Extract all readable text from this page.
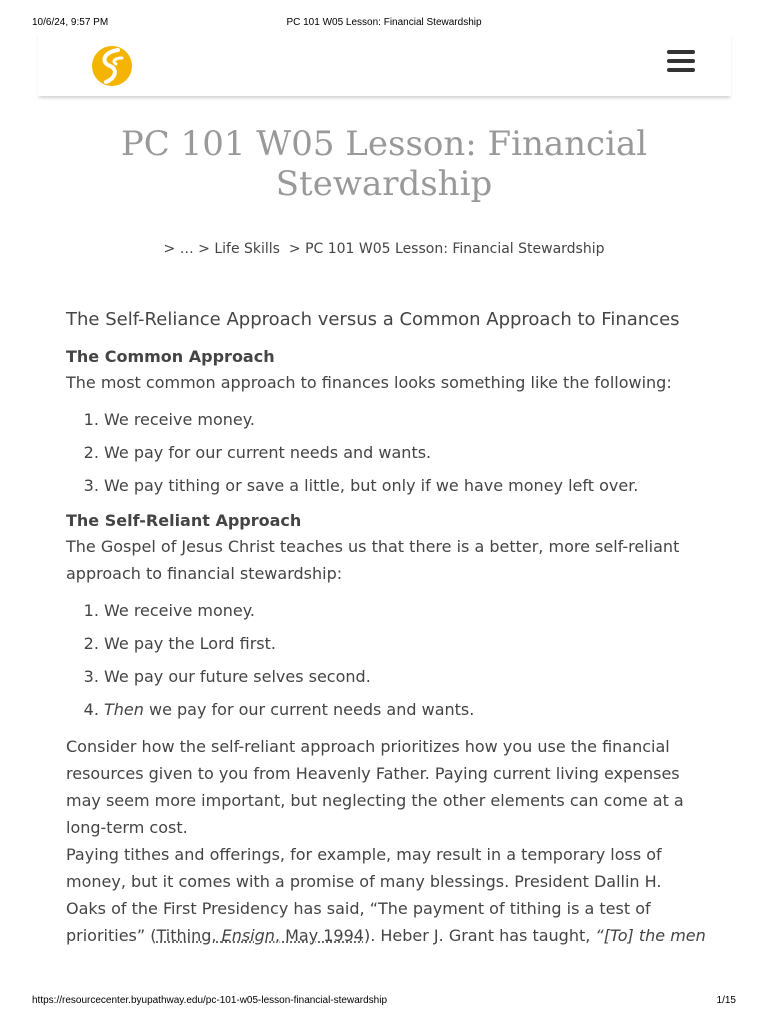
10/6/24, 9:57 PM	PC 101 W05 Lesson: Financial Stewardship
PC 101 W05 Lesson: Financial Stewardship
> … > Life Skills > PC 101 W05 Lesson: Financial Stewardship
The Self-Reliance Approach versus a Common Approach to Finances
The Common Approach

The most common approach to finances looks something like the following:

1. We receive money.
2. We pay for our current needs and wants.
3. We pay tithing or save a little, but only if we have money left over.
The Self-Reliant Approach

The Gospel of Jesus Christ teaches us that there is a better, more self-reliant approach to financial stewardship:

1. We receive money.
2. We pay the Lord first.
3. We pay our future selves second.
4. Then we pay for our current needs and wants.

Consider how the self-reliant approach prioritizes how you use the financial resources given to you from Heavenly Father. Paying current living expenses may seem more important, but neglecting the other elements can come at a long-term cost.

Paying tithes and offerings, for example, may result in a temporary loss of money, but it comes with a promise of many blessings. President Dallin H. Oaks of the First Presidency has said, “The payment of tithing is a test of priorities” (Tithing, Ensign, May 1994). Heber J. Grant has taught, “[To] the men

https://resourcecenter.byupathway.edu/pc-101-w05-lesson-financial-stewardship	1/15
